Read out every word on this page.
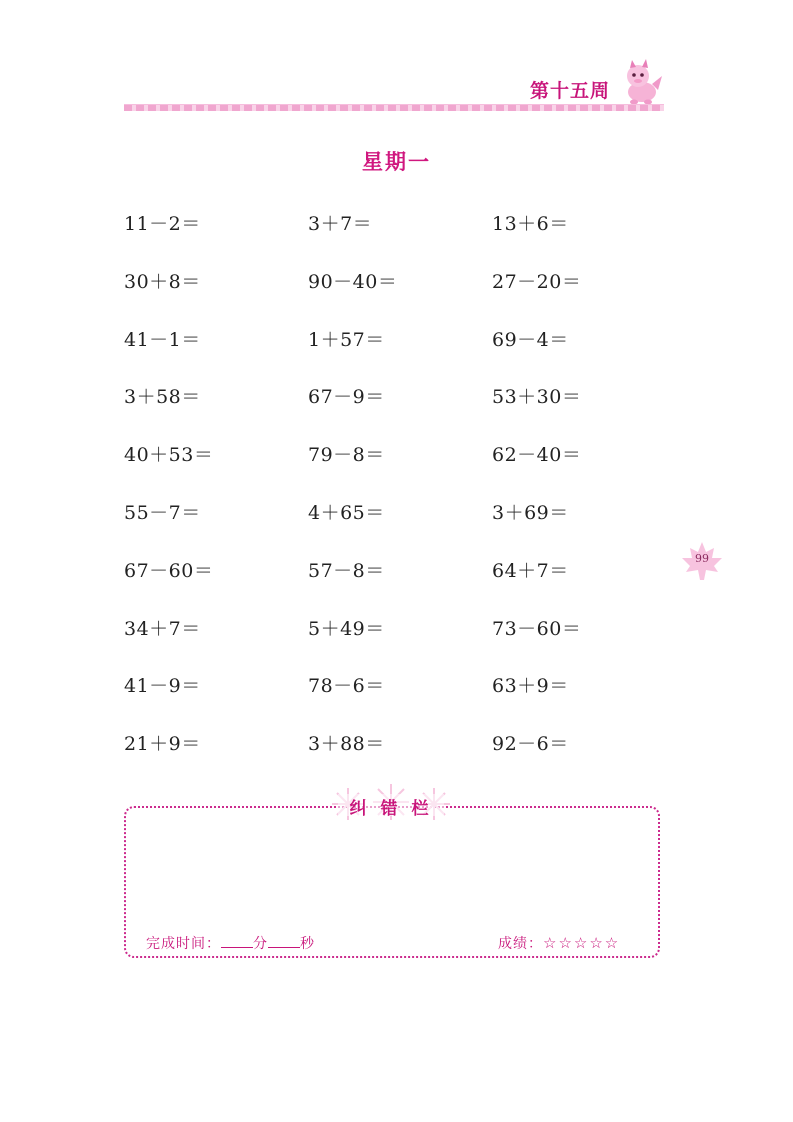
第十五周
星期一
11－2＝	3＋7＝	13＋6＝
30＋8＝	90－40＝	27－20＝
41－1＝	1＋57＝	69－4＝
3＋58＝	67－9＝	53＋30＝
40＋53＝	79－8＝	62－40＝
55－7＝	4＋65＝	3＋69＝
67－60＝	57－8＝	64＋7＝
34＋7＝	5＋49＝	73－60＝
41－9＝	78－6＝	63＋9＝
21＋9＝	3＋88＝	92－6＝
99
纠错栏
完成时间： 分 秒	成绩：☆☆☆☆☆
